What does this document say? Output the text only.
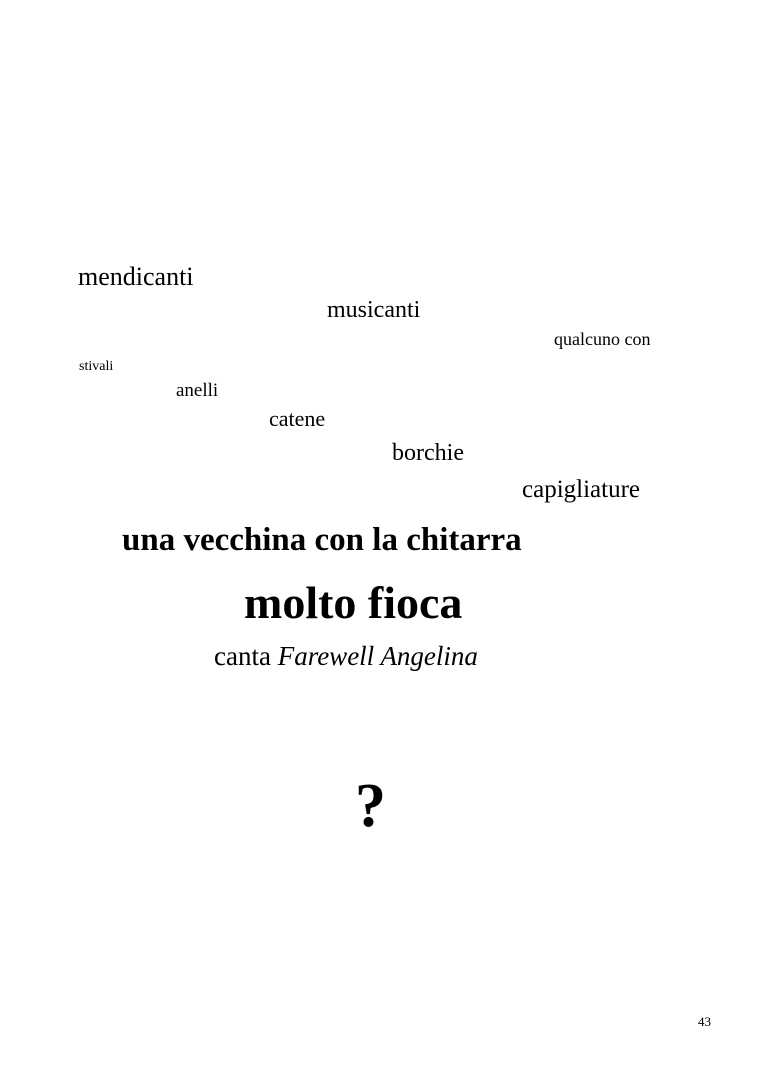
mendicanti
musicanti
qualcuno con
stivali
anelli
catene
borchie
capigliature
una vecchina con la chitarra
molto fioca
canta Farewell Angelina
?
43
